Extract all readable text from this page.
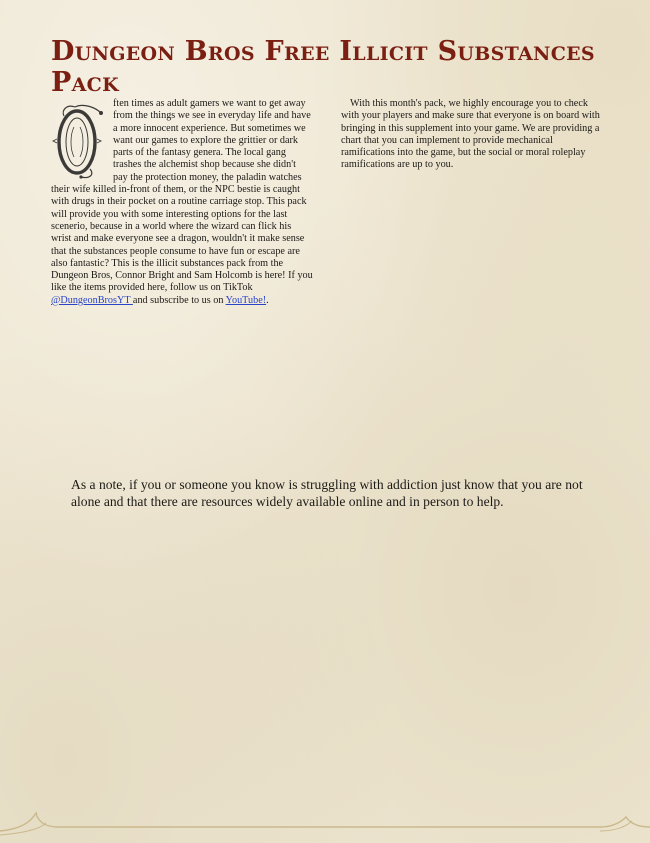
Dungeon Bros Free Illicit Substances Pack

ften times as adult gamers we want to get away from the things we see in everyday life and have a more innocent experience. But sometimes we want our games to explore the grittier or dark parts of the fantasy genera. The local gang trashes the alchemist shop because she didn't pay the protection money, the paladin watches their wife killed in-front of them, or the NPC bestie is caught with drugs in their pocket on a routine carriage stop. This pack will provide you with some interesting options for the last scenerio, because in a world where the wizard can flick his wrist and make everyone see a dragon, wouldn't it make sense that the substances people consume to have fun or escape are also fantastic? This is the illicit substances pack from the Dungeon Bros, Connor Bright and Sam Holcomb is here! If you like the items provided here, follow us on TikTok @DungeonBrosYT and subscribe to us on YouTube!.

With this month's pack, we highly encourage you to check with your players and make sure that everyone is on board with bringing in this supplement into your game. We are providing a chart that you can implement to provide mechanical ramifications into the game, but the social or moral roleplay ramifications are up to you.

As a note, if you or someone you know is struggling with addiction just know that you are not alone and that there are resources widely available online and in person to help.
